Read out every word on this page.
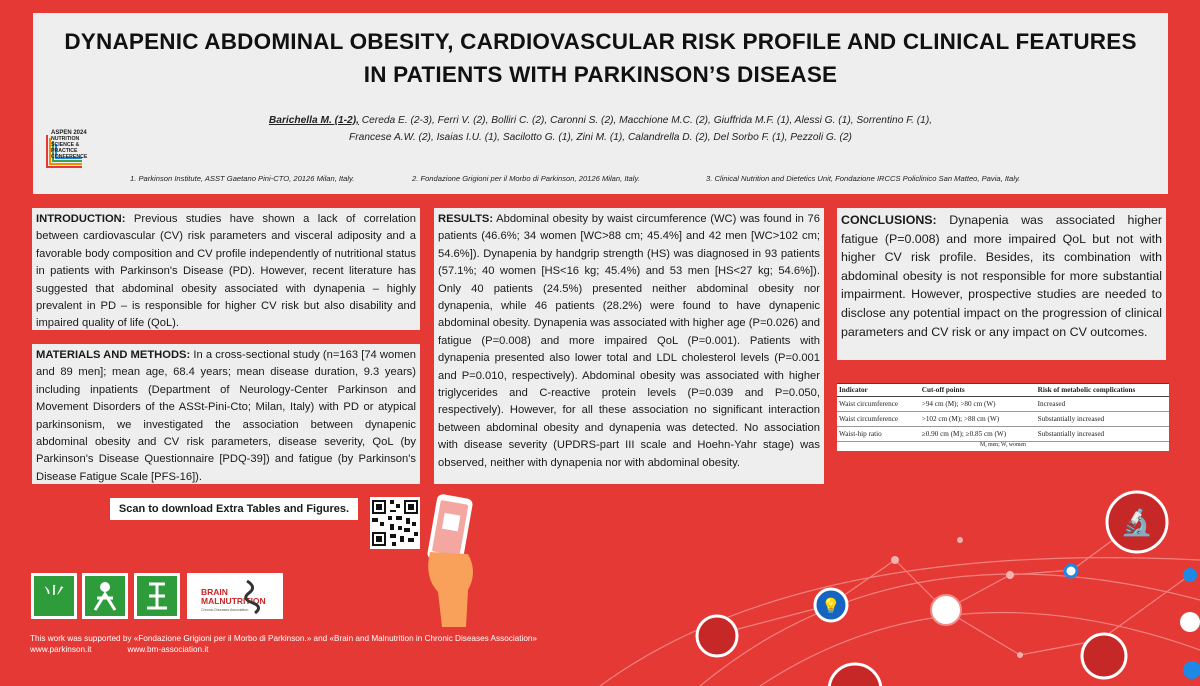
🔬
💡
DYNAPENIC ABDOMINAL OBESITY, CARDIOVASCULAR RISK PROFILE AND CLINICAL FEATURES
IN PATIENTS WITH PARKINSON’S DISEASE
Barichella M. (1-2), Cereda E. (2-3), Ferri V. (2), Bolliri C. (2), Caronni S. (2), Macchione M.C. (2), Giuffrida M.F. (1), Alessi G. (1), Sorrentino F. (1),
Francese A.W. (2), Isaias I.U. (1), Sacilotto G. (1), Zini M. (1), Calandrella D. (2), Del Sorbo F. (1), Pezzoli G. (2)
1. Parkinson Institute, ASST Gaetano Pini-CTO, 20126 Milan, Italy.	2. Fondazione Grigioni per il Morbo di Parkinson, 20126 Milan, Italy.	3. Clinical Nutrition and Dietetics Unit, Fondazione IRCCS Policlinico San Matteo, Pavia, Italy.
ASPEN 2024
NUTRITION
SCIENCE &
PRACTICE
CONFERENCE
INTRODUCTION: Previous studies have shown a lack of correlation between cardiovascular (CV) risk parameters and visceral adiposity and a favorable body composition and CV profile independently of nutritional status in patients with Parkinson's Disease (PD). However, recent literature has suggested that abdominal obesity associated with dynapenia – highly prevalent in PD – is responsible for higher CV risk but also disability and impaired quality of life (QoL).
MATERIALS AND METHODS: In a cross-sectional study (n=163 [74 women and 89 men]; mean age, 68.4 years; mean disease duration, 9.3 years) including inpatients (Department of Neurology-Center Parkinson and Movement Disorders of the ASSt-Pini-Cto; Milan, Italy) with PD or atypical parkinsonism, we investigated the association between dynapenic abdominal obesity and CV risk parameters, disease severity, QoL (by Parkinson's Disease Questionnaire [PDQ-39]) and fatigue (by Parkinson's Disease Fatigue Scale [PFS-16]).
RESULTS: Abdominal obesity by waist circumference (WC) was found in 76 patients (46.6%; 34 women [WC>88 cm; 45.4%] and 42 men [WC>102 cm; 54.6%]). Dynapenia by handgrip strength (HS) was diagnosed in 93 patients (57.1%; 40 women [HS<16 kg; 45.4%) and 53 men [HS<27 kg; 54.6%]). Only 40 patients (24.5%) presented neither abdominal obesity nor dynapenia, while 46 patients (28.2%) were found to have dynapenic abdominal obesity. Dynapenia was associated with higher age (P=0.026) and fatigue (P=0.008) and more impaired QoL (P=0.001). Patients with dynapenia presented also lower total and LDL cholesterol levels (P=0.001 and P=0.010, respectively). Abdominal obesity was associated with higher triglycerides and C-reactive protein levels (P=0.039 and P=0.050, respectively). However, for all these association no significant interaction between abdominal obesity and dynapenia was detected. No association with disease severity (UPDRS-part III scale and Hoehn-Yahr stage) was observed, neither with dynapenia nor with abdominal obesity.
CONCLUSIONS: Dynapenia was associated higher fatigue (P=0.008) and more impaired QoL but not with higher CV risk profile. Besides, its combination with abdominal obesity is not responsible for more substantial impairment. However, prospective studies are needed to disclose any potential impact on the progression of clinical parameters and CV risk or any impact on CV outcomes.
Indicator	Cut-off points	Risk of metabolic complications
Waist circumference	>94 cm (M); >80 cm (W)	Increased
Waist circumference	>102 cm (M); >88 cm (W)	Substantially increased
Waist-hip ratio	≥0.90 cm (M); ≥0.85 cm (W)	Substantially increased
M, men; W, women
Scan to download Extra Tables and Figures.
⺌	BRAIN
MALNUTRITION
Chronic Diseases Association
This work was supported by «Fondazione Grigioni per il Morbo di Parkinson.» and «Brain and Malnutrition in Chronic Diseases Association»
www.parkinson.it	www.bm-association.it
